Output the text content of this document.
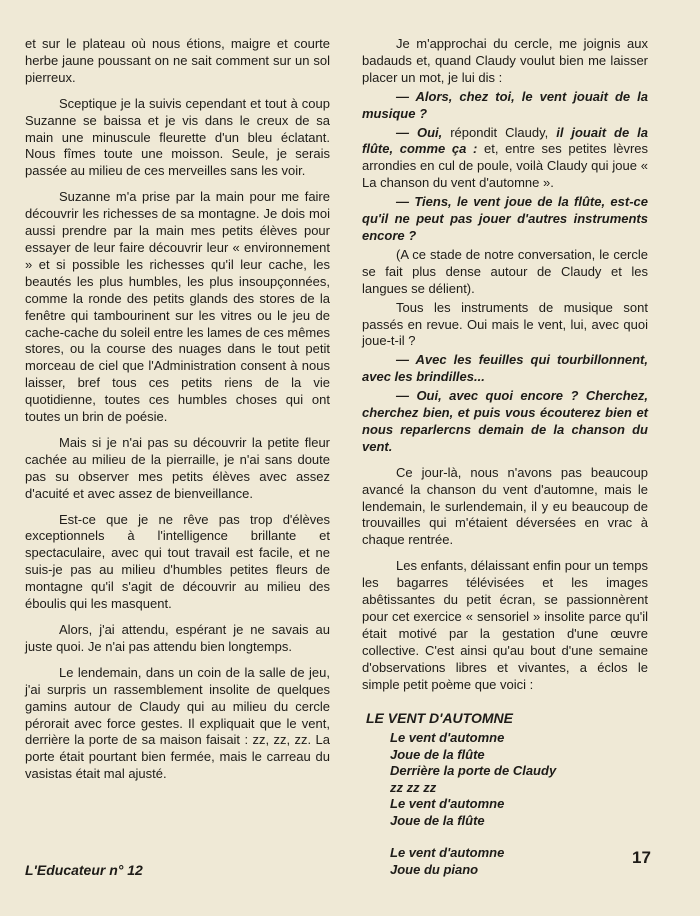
et sur le plateau où nous étions, maigre et courte herbe jaune poussant on ne sait comment sur un sol pierreux.

Sceptique je la suivis cependant et tout à coup Suzanne se baissa et je vis dans le creux de sa main une minuscule fleurette d'un bleu éclatant. Nous fîmes toute une moisson. Seule, je serais passée au milieu de ces merveilles sans les voir.

Suzanne m'a prise par la main pour me faire découvrir les richesses de sa montagne. Je dois moi aussi prendre par la main mes petits élèves pour essayer de leur faire découvrir leur « environnement » et si possible les richesses qu'il leur cache, les beautés les plus humbles, les plus insoupçonnées, comme la ronde des petits glands des stores de la fenêtre qui tambourinent sur les vitres ou le jeu de cache-cache du soleil entre les lames de ces mêmes stores, ou la course des nuages dans le tout petit morceau de ciel que l'Administration consent à nous laisser, bref tous ces petits riens de la vie quotidienne, toutes ces humbles choses qui ont toutes un brin de poésie.

Mais si je n'ai pas su découvrir la petite fleur cachée au milieu de la pierraille, je n'ai sans doute pas su observer mes petits élèves avec assez d'acuité et avec assez de bienveillance.

Est-ce que je ne rêve pas trop d'élèves exceptionnels à l'intelligence brillante et spectaculaire, avec qui tout travail est facile, et ne suis-je pas au milieu d'humbles petites fleurs de montagne qu'il s'agit de découvrir au milieu des éboulis qui les masquent.

Alors, j'ai attendu, espérant je ne savais au juste quoi. Je n'ai pas attendu bien longtemps.

Le lendemain, dans un coin de la salle de jeu, j'ai surpris un rassemblement insolite de quelques gamins autour de Claudy qui au milieu du cercle pérorait avec force gestes. Il expliquait que le vent, derrière la porte de sa maison faisait : zz, zz, zz. La porte était pourtant bien fermée, mais le carreau du vasistas était mal ajusté.

Je m'approchai du cercle, me joignis aux badauds et, quand Claudy voulut bien me laisser placer un mot, je lui dis :

— Alors, chez toi, le vent jouait de la musique ?

— Oui, répondit Claudy, il jouait de la flûte, comme ça : et, entre ses petites lèvres arrondies en cul de poule, voilà Claudy qui joue « La chanson du vent d'automne ».

— Tiens, le vent joue de la flûte, est-ce qu'il ne peut pas jouer d'autres instruments encore ?

(A ce stade de notre conversation, le cercle se fait plus dense autour de Claudy et les langues se délient).

Tous les instruments de musique sont passés en revue. Oui mais le vent, lui, avec quoi joue-t-il ?

— Avec les feuilles qui tourbillonnent, avec les brindilles...

— Oui, avec quoi encore ? Cherchez, cherchez bien, et puis vous écouterez bien et nous reparlercns demain de la chanson du vent.

Ce jour-là, nous n'avons pas beaucoup avancé la chanson du vent d'automne, mais le lendemain, le surlendemain, il y eu beaucoup de trouvailles qui m'étaient déversées en vrac à chaque rentrée.

Les enfants, délaissant enfin pour un temps les bagarres télévisées et les images abêtissantes du petit écran, se passionnèrent pour cet exercice « sensoriel » insolite parce qu'il était motivé par la gestation d'une œuvre collective. C'est ainsi qu'au bout d'une semaine d'observations libres et vivantes, a éclos le simple petit poème que voici :

LE VENT D'AUTOMNE
Le vent d'automne
Joue de la flûte
Derrière la porte de Claudy
zz zz zz
Le vent d'automne
Joue de la flûte
Le vent d'automne
Joue du piano
L'Educateur n° 12
17
